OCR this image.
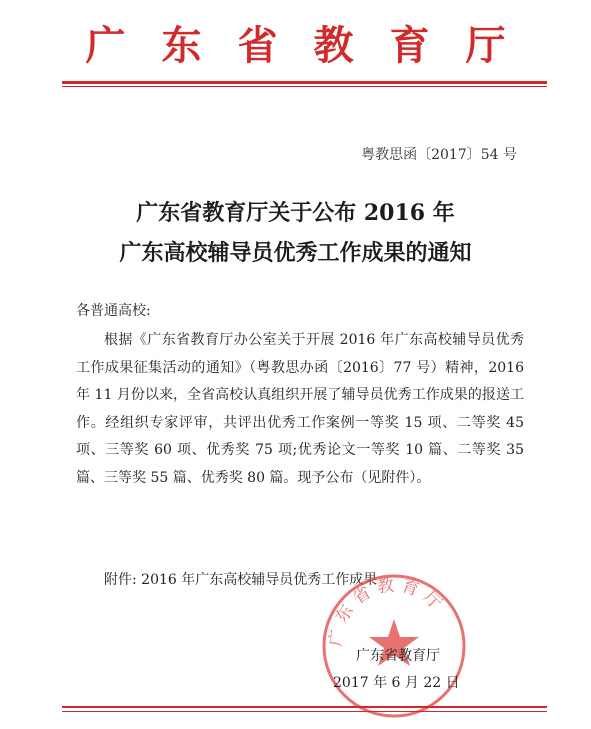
广东省教育厅
粤教思函〔2017〕54 号
广东省教育厅关于公布 2016 年
广东高校辅导员优秀工作成果的通知
各普通高校:
根据《广东省教育厅办公室关于开展 2016 年广东高校辅导员优秀工作成果征集活动的通知》（粤教思办函〔2016〕77 号）精神，2016 年 11 月份以来，全省高校认真组织开展了辅导员优秀工作成果的报送工作。经组织专家评审，共评出优秀工作案例一等奖 15 项、二等奖 45 项、三等奖 60 项、优秀奖 75 项;优秀论文一等奖 10 篇、二等奖 35 篇、三等奖 55 篇、优秀奖 80 篇。现予公布（见附件）。
附件: 2016 年广东高校辅导员优秀工作成果
广东省教育厅
广东省教育厅
2017 年 6 月 22 日
